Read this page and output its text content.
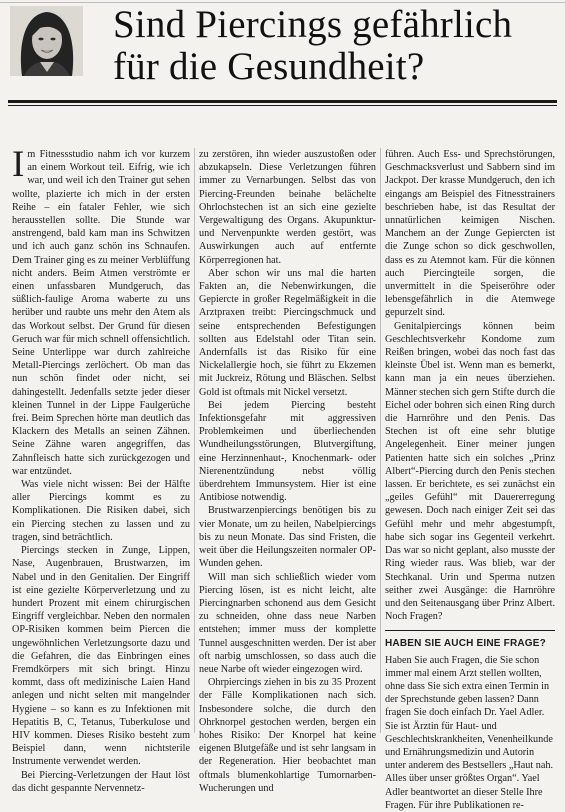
Sind Piercings gefährlich
für die Gesundheit?

Im Fitnessstudio nahm ich vor kurzem an einem Workout teil. Eifrig, wie ich war, und weil ich den Trainer gut sehen wollte, plazierte ich mich in der ersten Reihe – ein fataler Fehler, wie sich herausstellen sollte. Die Stunde war anstrengend, bald kam man ins Schwitzen und ich auch ganz schön ins Schnaufen. Dem Trainer ging es zu meiner Verblüffung nicht anders. Beim Atmen verströmte er einen unfassbaren Mundgeruch, das süßlich-faulige Aroma waberte zu uns herüber und raubte uns mehr den Atem als das Workout selbst. Der Grund für diesen Geruch war für mich schnell offensichtlich. Seine Unterlippe war durch zahlreiche Metall-Piercings zerlöchert. Ob man das nun schön findet oder nicht, sei dahingestellt. Jedenfalls setzte jeder dieser kleinen Tunnel in der Lippe Faulgerüche frei. Beim Sprechen hörte man deutlich das Klackern des Metalls an seinen Zähnen. Seine Zähne waren angegriffen, das Zahnfleisch hatte sich zurückgezogen und war entzündet.

Was viele nicht wissen: Bei der Hälfte aller Piercings kommt es zu Komplikationen. Die Risiken dabei, sich ein Piercing stechen zu lassen und zu tragen, sind beträchtlich.

Piercings stecken in Zunge, Lippen, Nase, Augenbrauen, Brustwarzen, im Nabel und in den Genitalien. Der Eingriff ist eine gezielte Körperverletzung und zu hundert Prozent mit einem chirurgischen Eingriff vergleichbar. Neben den normalen OP-Risiken kommen beim Piercen die ungewöhnlichen Verletzungsorte dazu und die Gefahren, die das Einbringen eines Fremdkörpers mit sich bringt. Hinzu kommt, dass oft medizinische Laien Hand anlegen und nicht selten mit mangelnder Hygiene – so kann es zu Infektionen mit Hepatitis B, C, Tetanus, Tuberkulose und HIV kommen. Dieses Risiko besteht zum Beispiel dann, wenn nichtsterile Instrumente verwendet werden.

Bei Piercing-Verletzungen der Haut löst das dicht gespannte Nervennetz-

zu zerstören, ihn wieder auszustoßen oder abzukapseln. Diese Verletzungen führen immer zu Vernarbungen. Selbst das von Piercing-Freunden beinahe belächelte Ohrlochstechen ist an sich eine gezielte Vergewaltigung des Organs. Akupunktur- und Nervenpunkte werden gestört, was Auswirkungen auch auf entfernte Körperregionen hat.

Aber schon wir uns mal die harten Fakten an, die Nebenwirkungen, die Gepiercte in großer Regelmäßigkeit in die Arztpraxen treibt: Piercingschmuck und seine entsprechenden Befestigungen sollten aus Edelstahl oder Titan sein. Andernfalls ist das Risiko für eine Nickelallergie hoch, sie führt zu Ekzemen mit Juckreiz, Rötung und Bläschen. Selbst Gold ist oftmals mit Nickel versetzt.

Bei jedem Piercing besteht Infektionsgefahr mit aggressiven Problemkeimen und überliechenden Wundheilungsstörungen, Blutvergiftung, eine Herzinnenhaut-, Knochenmark- oder Nierenentzündung nebst völlig überdrehtem Immunsystem. Hier ist eine Antibiose notwendig.

Brustwarzenpiercings benötigen bis zu vier Monate, um zu heilen, Nabelpiercings bis zu neun Monate. Das sind Fristen, die weit über die Heilungszeiten normaler OP-Wunden gehen.

Will man sich schließlich wieder vom Piercing lösen, ist es nicht leicht, alte Piercingnarben schonend aus dem Gesicht zu schneiden, ohne dass neue Narben entstehen; immer muss der komplette Tunnel ausgeschnitten werden. Der ist aber oft narbig umschlossen, so dass auch die neue Narbe oft wieder eingezogen wird.

Ohrpiercings ziehen in bis zu 35 Prozent der Fälle Komplikationen nach sich. Insbesondere solche, die durch den Ohrknorpel gestochen werden, bergen ein hohes Risiko: Der Knorpel hat keine eigenen Blutgefäße und ist sehr langsam in der Regeneration. Hier beobachtet man oftmals blumenkohlartige Tumornarben-Wucherungen und

führen. Auch Ess- und Sprechstörungen, Geschmacksverlust und Sabbern sind im Jackpot. Der krasse Mundgeruch, den ich eingangs am Beispiel des Fitnesstrainers beschrieben habe, ist das Resultat der unnatürlichen keimigen Nischen. Manchem an der Zunge Gepiercten ist die Zunge schon so dick geschwollen, dass es zu Atemnot kam. Für die können auch Piercingteile sorgen, die unvermittelt in die Speiseröhre oder lebensgefährlich in die Atemwege gepurzelt sind.

Genitalpiercings können beim Geschlechtsverkehr Kondome zum Reißen bringen, wobei das noch fast das kleinste Übel ist. Wenn man es bemerkt, kann man ja ein neues überziehen. Männer stechen sich gern Stifte durch die Eichel oder bohren sich einen Ring durch die Harnröhre und den Penis. Das Stechen ist oft eine sehr blutige Angelegenheit. Einer meiner jungen Patienten hatte sich ein solches „Prinz Albert“-Piercing durch den Penis stechen lassen. Er berichtete, es sei zunächst ein „geiles Gefühl“ mit Dauererregung gewesen. Doch nach einiger Zeit sei das Gefühl mehr und mehr abgestumpft, habe sich sogar ins Gegenteil verkehrt. Das war so nicht geplant, also musste der Ring wieder raus. Was blieb, war der Stechkanal. Urin und Sperma nutzen seither zwei Ausgänge: die Harnröhre und den Seitenausgang über Prinz Albert. Noch Fragen?

HABEN SIE AUCH EINE FRAGE?

Haben Sie auch Fragen, die Sie schon immer mal einem Arzt stellen wollten, ohne dass Sie sich extra einen Termin in der Sprechstunde geben lassen? Dann fragen Sie doch einfach Dr. Yael Adler. Sie ist Ärztin für Haut- und Geschlechtskrankheiten, Venenheilkunde und Ernährungsmedizin und Autorin unter anderem des Bestsellers „Haut nah. Alles über unser größtes Organ“. Yael Adler beantwortet an dieser Stelle Ihre Fragen. Für ihre Publikationen re-
